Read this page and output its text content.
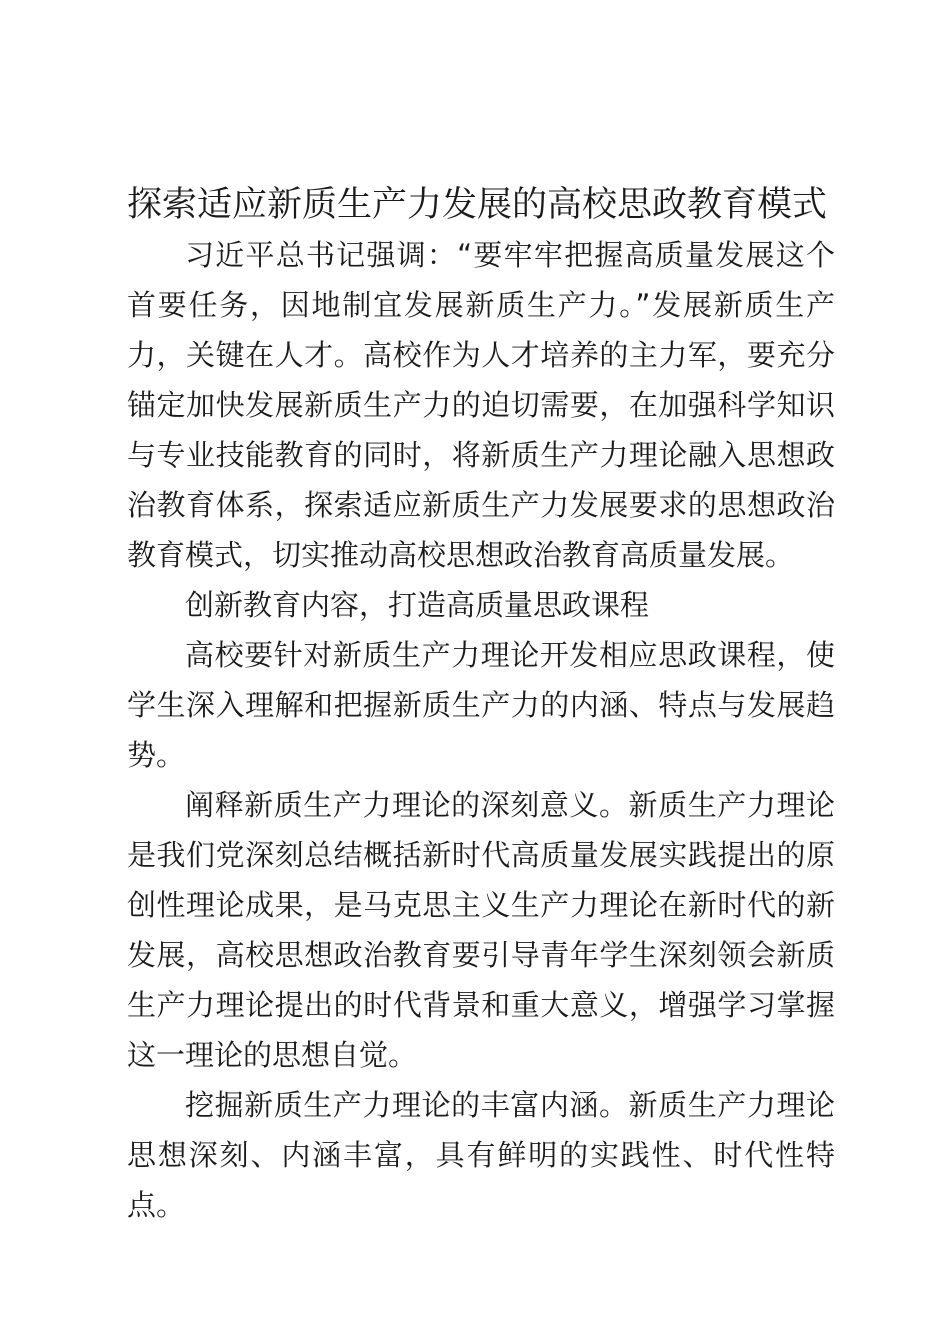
探索适应新质生产力发展的高校思政教育模式

习近平总书记强调：“要牢牢把握高质量发展这个首要任务，因地制宜发展新质生产力。”发展新质生产力，关键在人才。高校作为人才培养的主力军，要充分锚定加快发展新质生产力的迫切需要，在加强科学知识与专业技能教育的同时，将新质生产力理论融入思想政治教育体系，探索适应新质生产力发展要求的思想政治教育模式，切实推动高校思想政治教育高质量发展。

创新教育内容，打造高质量思政课程

高校要针对新质生产力理论开发相应思政课程，使学生深入理解和把握新质生产力的内涵、特点与发展趋势。

阐释新质生产力理论的深刻意义。新质生产力理论是我们党深刻总结概括新时代高质量发展实践提出的原创性理论成果，是马克思主义生产力理论在新时代的新发展，高校思想政治教育要引导青年学生深刻领会新质生产力理论提出的时代背景和重大意义，增强学习掌握这一理论的思想自觉。

挖掘新质生产力理论的丰富内涵。新质生产力理论思想深刻、内涵丰富，具有鲜明的实践性、时代性特点。
